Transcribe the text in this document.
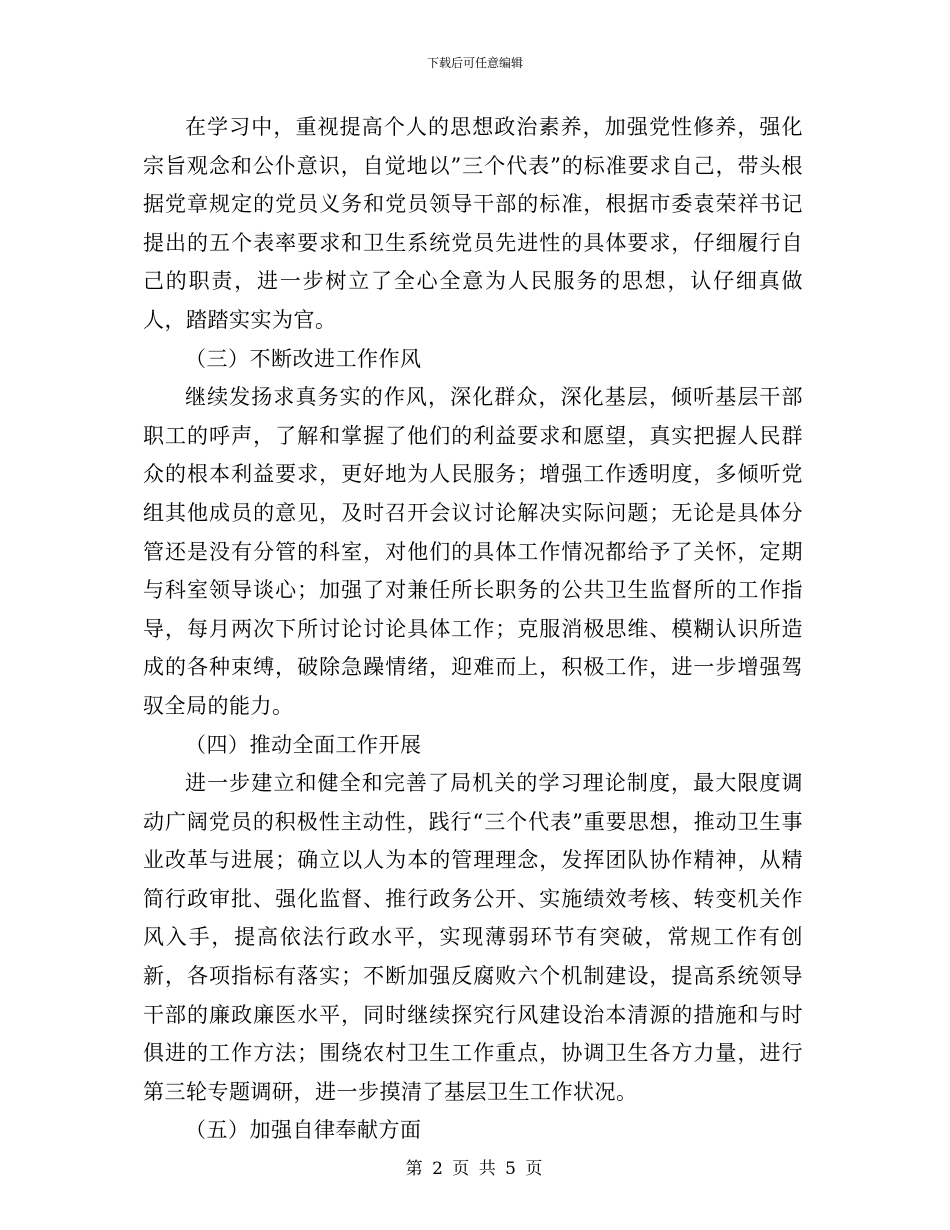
下载后可任意编辑

在学习中，重视提高个人的思想政治素养，加强党性修养，强化宗旨观念和公仆意识，自觉地以”三个代表”的标准要求自己，带头根据党章规定的党员义务和党员领导干部的标准，根据市委袁荣祥书记提出的五个表率要求和卫生系统党员先进性的具体要求，仔细履行自己的职责，进一步树立了全心全意为人民服务的思想，认仔细真做人，踏踏实实为官。

（三）不断改进工作作风

继续发扬求真务实的作风，深化群众，深化基层，倾听基层干部职工的呼声，了解和掌握了他们的利益要求和愿望，真实把握人民群众的根本利益要求，更好地为人民服务；增强工作透明度，多倾听党组其他成员的意见，及时召开会议讨论解决实际问题；无论是具体分管还是没有分管的科室，对他们的具体工作情况都给予了关怀，定期与科室领导谈心；加强了对兼任所长职务的公共卫生监督所的工作指导，每月两次下所讨论讨论具体工作；克服消极思维、模糊认识所造成的各种束缚，破除急躁情绪，迎难而上，积极工作，进一步增强驾驭全局的能力。

（四）推动全面工作开展

进一步建立和健全和完善了局机关的学习理论制度，最大限度调动广阔党员的积极性主动性，践行“三个代表”重要思想，推动卫生事业改革与进展；确立以人为本的管理理念，发挥团队协作精神，从精简行政审批、强化监督、推行政务公开、实施绩效考核、转变机关作风入手，提高依法行政水平，实现薄弱环节有突破，常规工作有创新，各项指标有落实；不断加强反腐败六个机制建设，提高系统领导干部的廉政廉医水平，同时继续探究行风建设治本清源的措施和与时俱进的工作方法；围绕农村卫生工作重点，协调卫生各方力量，进行第三轮专题调研，进一步摸清了基层卫生工作状况。

（五）加强自律奉献方面

第 2 页 共 5 页
